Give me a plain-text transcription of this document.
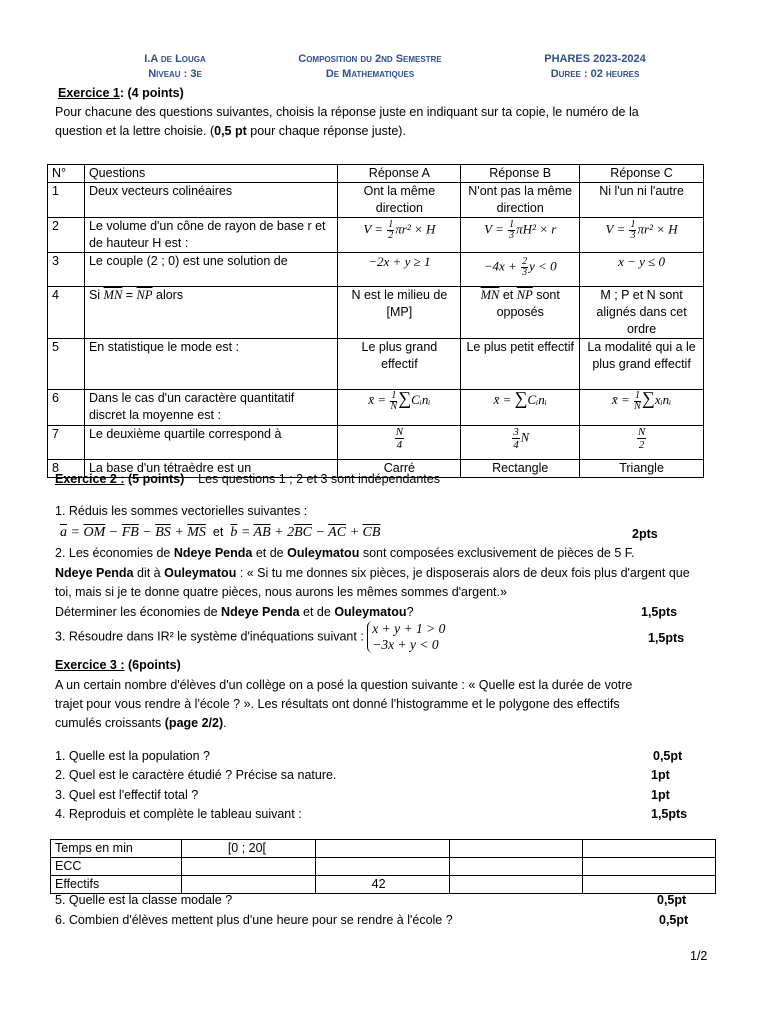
I.A de Louga
Niveau : 3e
Composition du 2nd Semestre
De Mathematiques
PHARES 2023-2024
Duree : 02 heures
Exercice 1: (4 points)
Pour chacune des questions suivantes, choisis la réponse juste en indiquant sur ta copie, le numéro de la
question et la lettre choisie. (0,5 pt pour chaque réponse juste).
N°	Questions	Réponse A	Réponse B	Réponse C
1	Deux vecteurs colinéaires	Ont la même direction	N'ont pas la même direction	Ni l'un ni l'autre
2	Le volume d'un cône de rayon de base r et de hauteur H est :	$V = \frac{1}{2} \pi r^2 \times H$	$V = \frac{1}{3} \pi H^2 \times r$	$V = \frac{1}{3} \pi r^2 \times H$
3	Le couple (2 ; 0) est une solution de	−2x + y ≥ 1	$-4x + \frac{2}{3}$ y < 0	x − y ≤ 0
4	Si $\overline{MN} = \overline{NP}$ alors	N est le milieu de [MP]	$\overline{MN}$ et $\overline{NP}$ sont opposés	M ; P et N sont alignés dans cet ordre
5	En statistique le mode est :	Le plus grand effectif	Le plus petit effectif	La modalité qui a le plus grand effectif
6	Dans le cas d'un caractère quantitatif discret la moyenne est :	x̄ = $\frac{1}{N}$ ∑Cᵢnᵢ	x̄ = ∑Cᵢnᵢ	x̄ = $\frac{1}{N}$ ∑xᵢnᵢ
7	Le deuxième quartile correspond à	$\frac{N}{4}$	$\frac{3}{4}$ N	$\frac{N}{2}$

8	La base d'un tétraèdre est un	Carré	Rectangle	Triangle
Exercice 2 : (5 points) Les questions 1 ; 2 et 3 sont indépendantes
1. Réduis les sommes vectorielles suivantes :
$\overline{a} = \overline{OM} - \overline{FB} - \overline{BS} + \overline{MS}$  et  $\overline{b} = \overline{AB} + 2\overline{BC} - \overline{AC} + \overline{CB}$	2pts
2. Les économies de Ndeye Penda et de Ouleymatou sont composées exclusivement de pièces de 5 F.
Ndeye Penda dit à Ouleymatou : « Si tu me donnes six pièces, je disposerais alors de deux fois plus d'argent que
toi, mais si je te donne quatre pièces, nous aurons les mêmes sommes d'argent.»
Déterminer les économies de Ndeye Penda et de Ouleymatou?	1,5pts
3. Résoudre dans IR² le système d'inéquations suivant :
x + y + 1 > 0
−3x + y < 0	1,5pts
Exercice 3 : (6points)
A un certain nombre d'élèves d'un collège on a posé la question suivante : « Quelle est la durée de votre
trajet pour vous rendre à l'école ? ». Les résultats ont donné l'histogramme et le polygone des effectifs
cumulés croissants (page 2/2).
1. Quelle est la population ?	0,5pt
2. Quel est le caractère étudié ? Précise sa nature.	1pt
3. Quel est l'effectif total ?	1pt
4. Reproduis et complète le tableau suivant :	1,5pts
Temps en min	[0 ; 20[			
ECC				
Effectifs		42		
5. Quelle est la classe modale ?	0,5pt
6. Combien d'élèves mettent plus d'une heure pour se rendre à l'école ?	0,5pt
1/2
